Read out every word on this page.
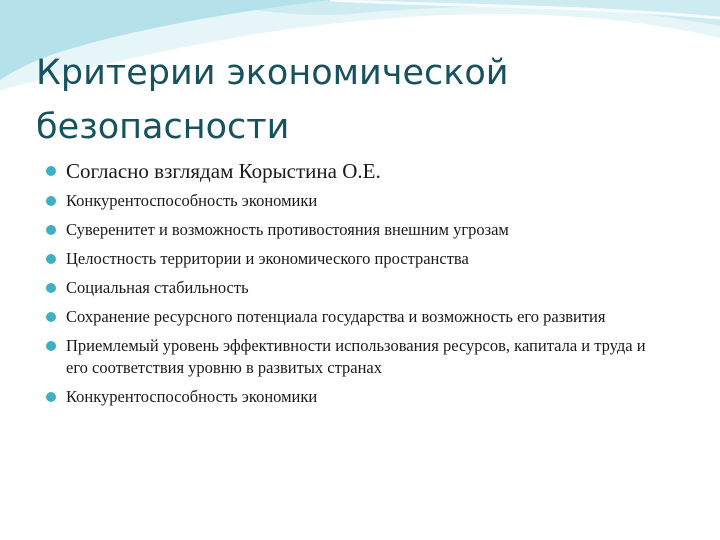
Критерии экономической безопасности
Согласно взглядам Корыстина О.Е.
Конкурентоспособность экономики
Суверенитет и возможность противостояния внешним угрозам
Целостность территории и экономического пространства
Социальная стабильность
Сохранение ресурсного потенциала государства и возможность его развития
Приемлемый уровень эффективности использования ресурсов, капитала и труда и его соответствия уровню в развитых странах
Конкурентоспособность экономики
